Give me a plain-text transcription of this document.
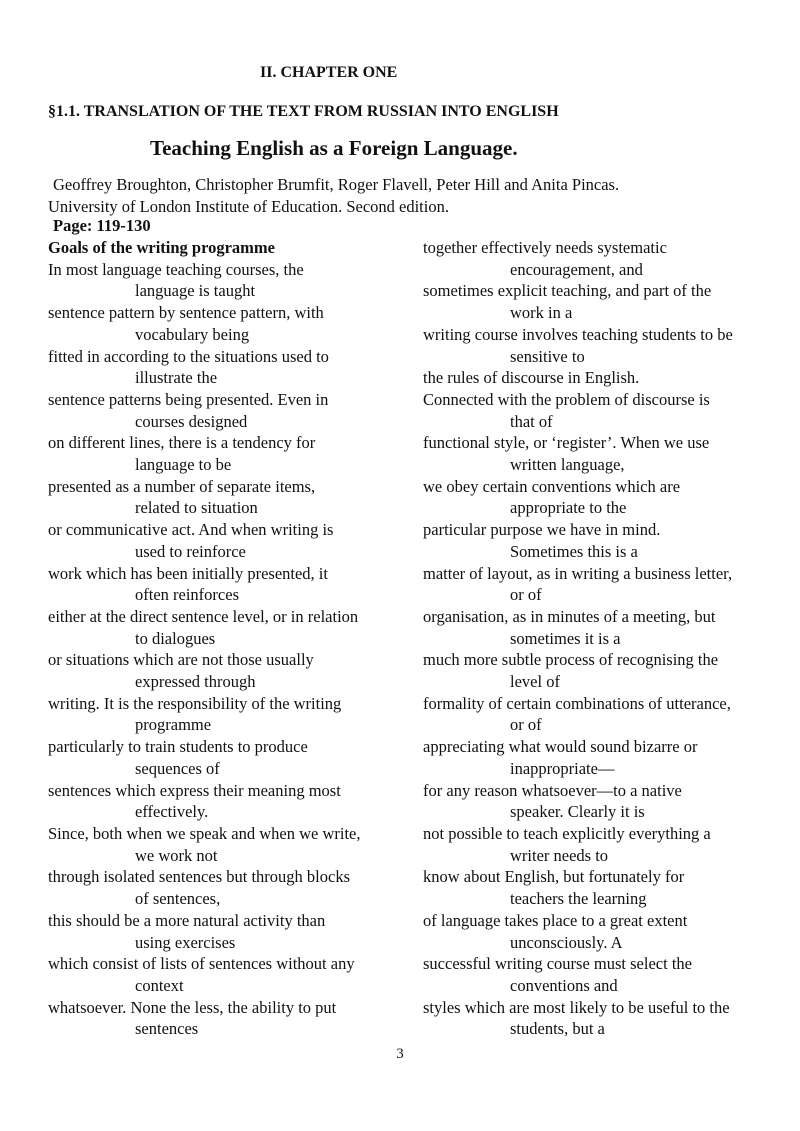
II. CHAPTER ONE
§1.1. TRANSLATION OF THE TEXT FROM RUSSIAN INTO ENGLISH
Teaching English as a Foreign Language.
Geoffrey Broughton, Christopher Brumfit, Roger Flavell, Peter Hill and Anita Pincas.
University of London Institute of Education. Second edition.
Page: 119-130
Goals of the writing programme
In most language teaching courses, the
language is taught
sentence pattern by sentence pattern, with
vocabulary being
fitted in according to the situations used to
illustrate the
sentence patterns being presented. Even in
courses designed
on different lines, there is a tendency for
language to be
presented as a number of separate items,
related to situation
or communicative act. And when writing is
used to reinforce
work which has been initially presented, it
often reinforces
either at the direct sentence level, or in relation
to dialogues
or situations which are not those usually
expressed through
writing. It is the responsibility of the writing
programme
particularly to train students to produce
sequences of
sentences which express their meaning most
effectively.
Since, both when we speak and when we write,
we work not
through isolated sentences but through blocks
of sentences,
this should be a more natural activity than
using exercises
which consist of lists of sentences without any
context
whatsoever. None the less, the ability to put
sentences
together effectively needs systematic
encouragement, and
sometimes explicit teaching, and part of the
work in a
writing course involves teaching students to be
sensitive to
the rules of discourse in English.
Connected with the problem of discourse is
that of
functional style, or ‘register’. When we use
written language,
we obey certain conventions which are
appropriate to the
particular purpose we have in mind.
Sometimes this is a
matter of layout, as in writing a business letter,
or of
organisation, as in minutes of a meeting, but
sometimes it is a
much more subtle process of recognising the
level of
formality of certain combinations of utterance,
or of
appreciating what would sound bizarre or
inappropriate—
for any reason whatsoever—to a native
speaker. Clearly it is
not possible to teach explicitly everything a
writer needs to
know about English, but fortunately for
teachers the learning
of language takes place to a great extent
unconsciously. A
successful writing course must select the
conventions and
styles which are most likely to be useful to the
students, but a
3
